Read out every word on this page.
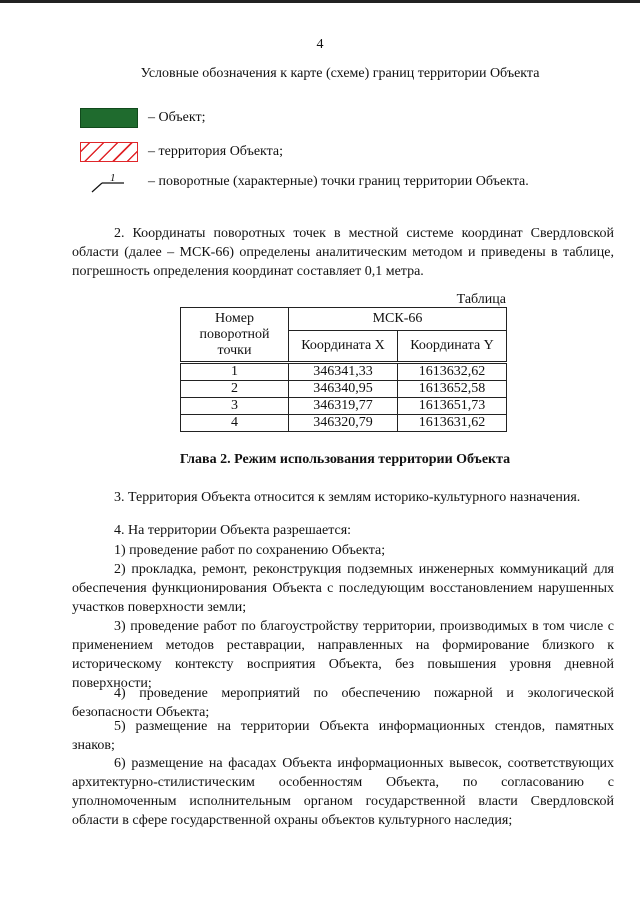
4
Условные обозначения к карте (схеме) границ территории Объекта
– Объект;
– территория Объекта;
1 – поворотные (характерные) точки границ территории Объекта.
2. Координаты поворотных точек в местной системе координат Свердловской области (далее – МСК-66) определены аналитическим методом и приведены в таблице, погрешность определения координат составляет 0,1 метра.
Таблица
Номер поворотной точки	МСК-66	
	Координата X	Координата Y
1	346341,33	1613632,62
2	346340,95	1613652,58
3	346319,77	1613651,73
4	346320,79	1613631,62
Глава 2. Режим использования территории Объекта
3. Территория Объекта относится к землям историко-культурного назначения.
4. На территории Объекта разрешается:
1) проведение работ по сохранению Объекта;
2) прокладка, ремонт, реконструкция подземных инженерных коммуникаций для обеспечения функционирования Объекта с последующим восстановлением нарушенных участков поверхности земли;
3) проведение работ по благоустройству территории, производимых в том числе с применением методов реставрации, направленных на формирование близкого к историческому контексту восприятия Объекта, без повышения уровня дневной поверхности;
4) проведение мероприятий по обеспечению пожарной и экологической безопасности Объекта;
5) размещение на территории Объекта информационных стендов, памятных знаков;
6) размещение на фасадах Объекта информационных вывесок, соответствующих архитектурно-стилистическим особенностям Объекта, по согласованию с уполномоченным исполнительным органом государственной власти Свердловской области в сфере государственной охраны объектов культурного наследия;
